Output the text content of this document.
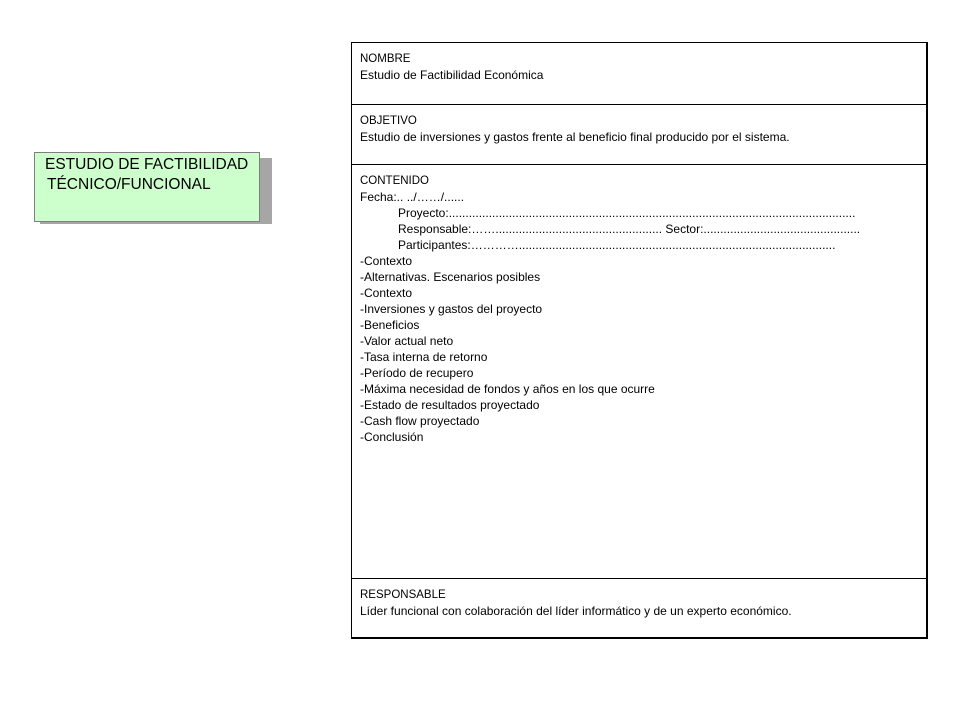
ESTUDIO DE FACTIBILIDAD
TÉCNICO/FUNCIONAL
NOMBRE
Estudio de Factibilidad Económica
OBJETIVO
Estudio de inversiones y gastos frente al beneficio final producido por el sistema.
CONTENIDO
Fecha:.. ../……/......
Proyecto:..........................................................................................................................
Responsable:…….................................................. Sector:...............................................
Participantes:…………...............................................................................................
-Contexto
-Alternativas. Escenarios posibles
-Contexto
-Inversiones y gastos del proyecto
-Beneficios
-Valor actual neto
-Tasa interna de retorno
-Período de recupero
-Máxima necesidad de fondos y años en los que ocurre
-Estado de resultados proyectado
-Cash flow proyectado
-Conclusión
RESPONSABLE
Líder funcional con colaboración del líder informático y de un experto económico.
